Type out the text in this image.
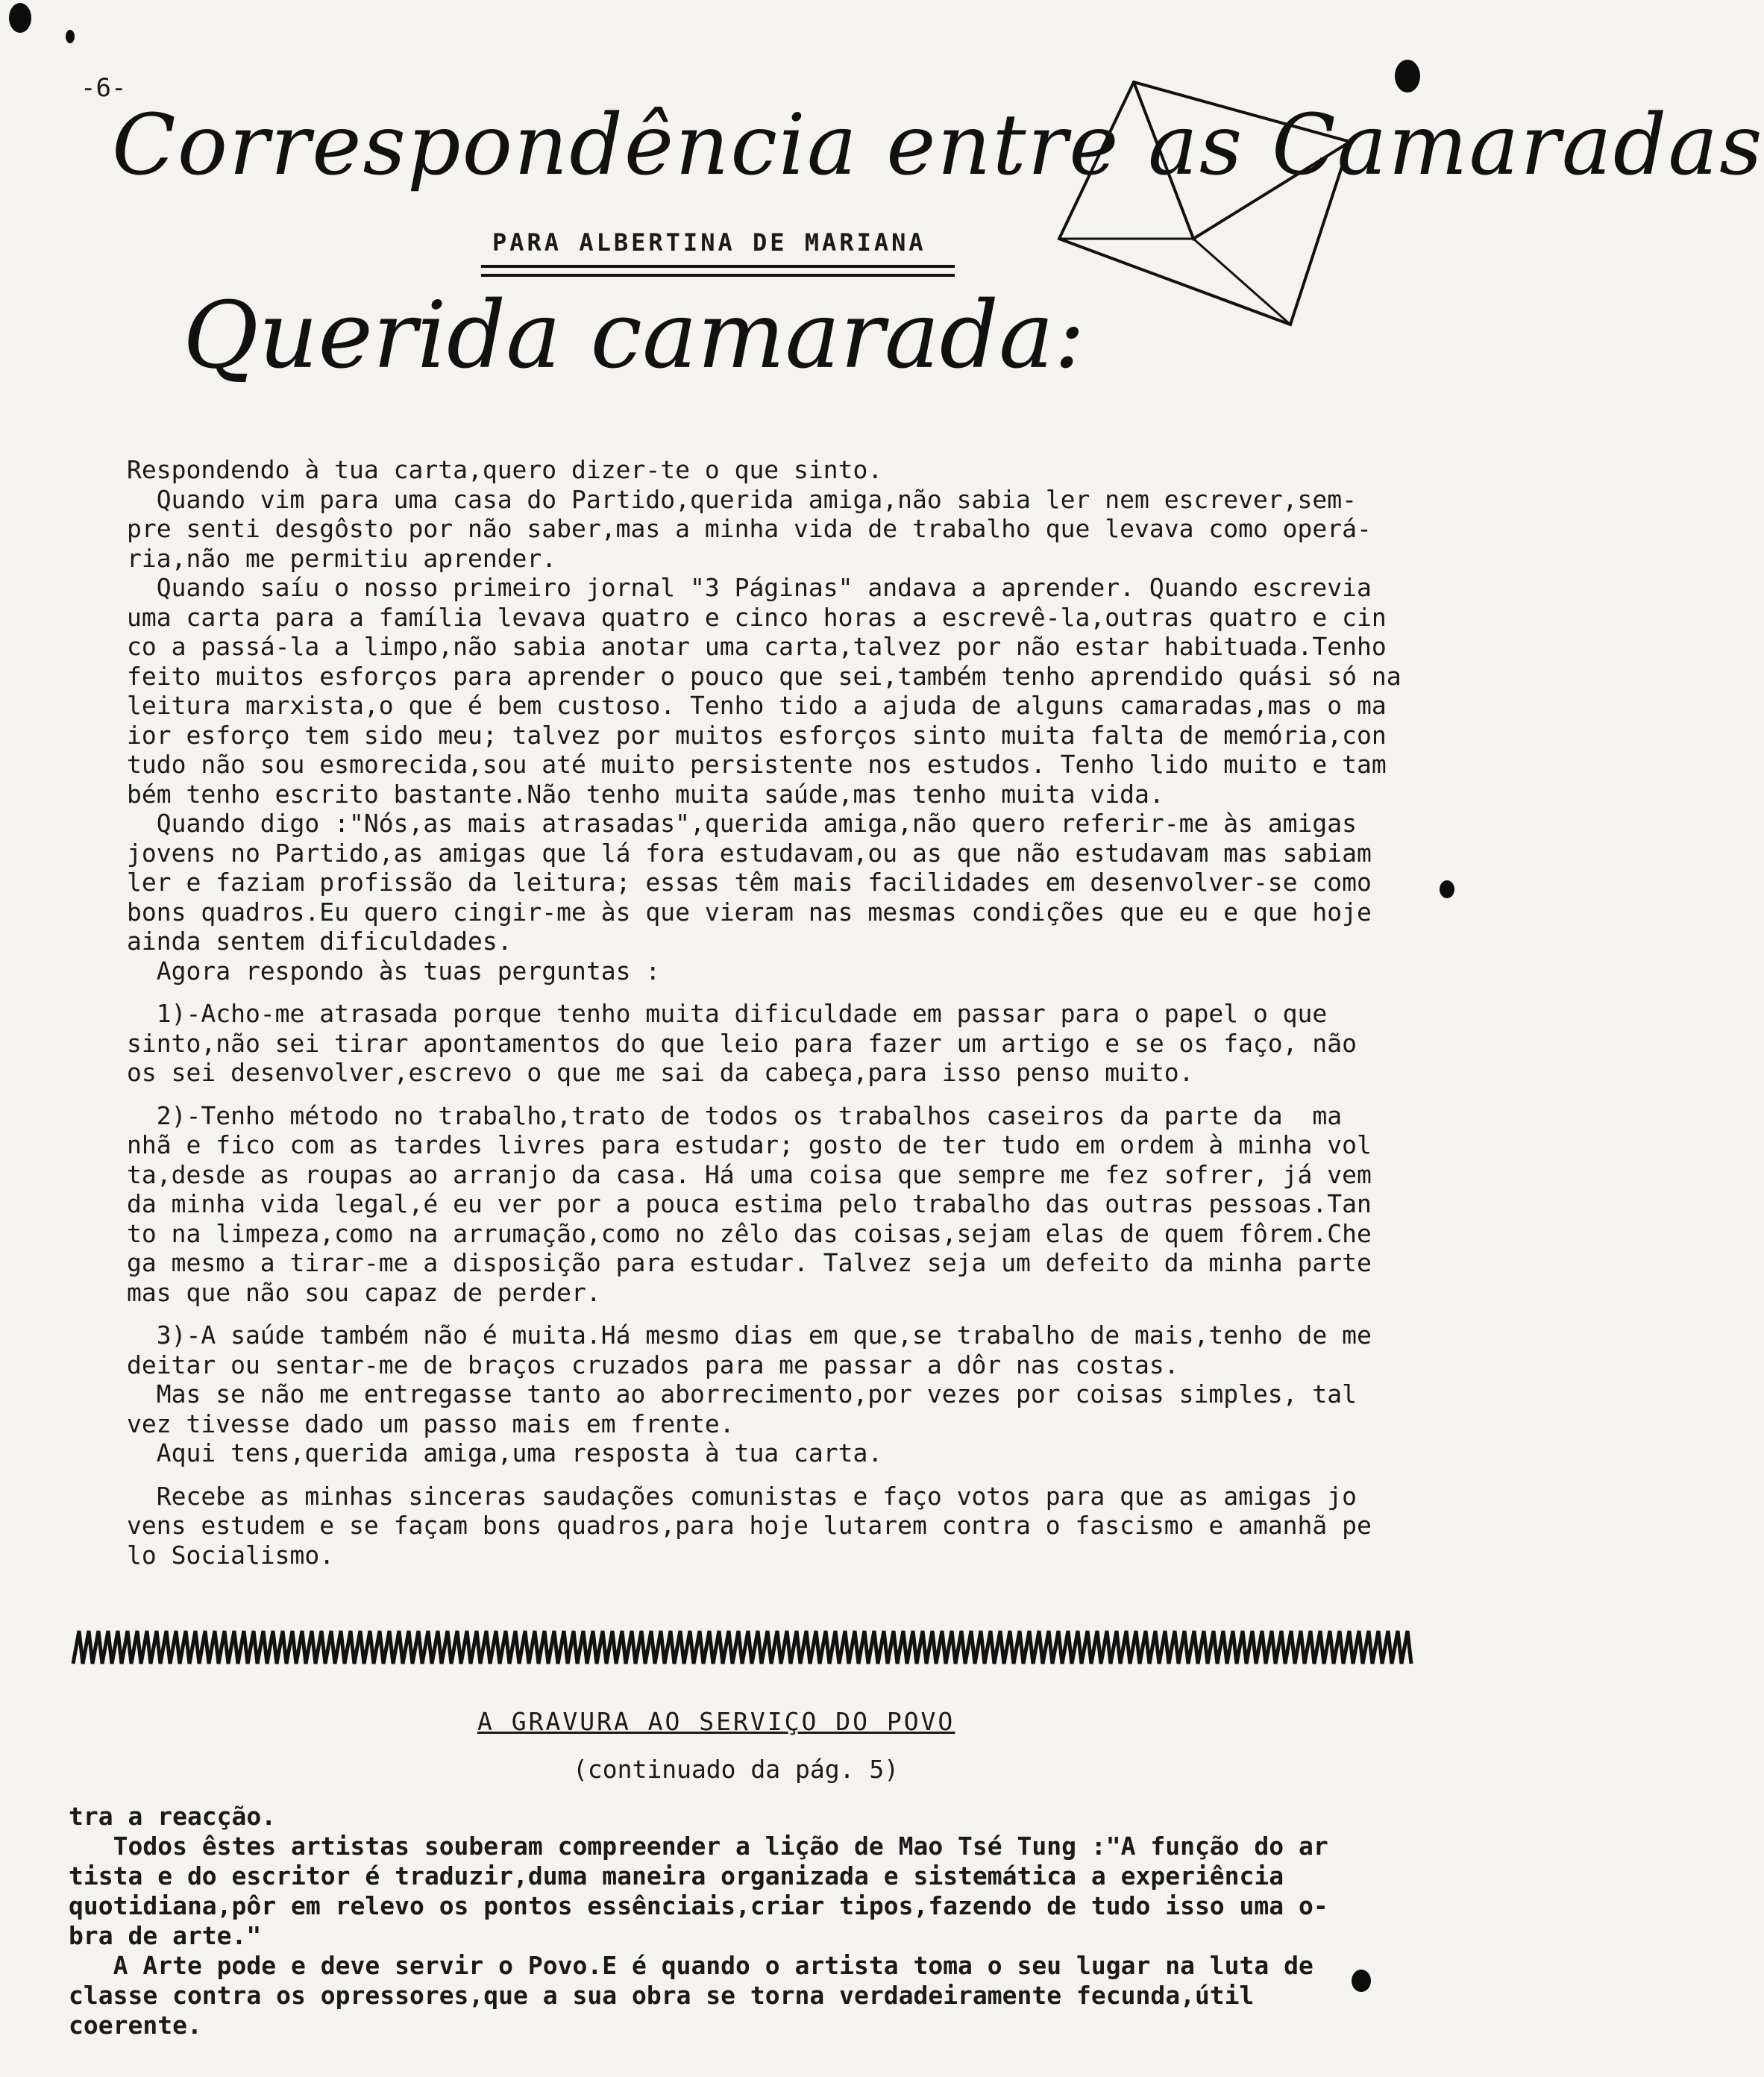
-6-
Correspondência entre as Camaradas
PARA ALBERTINA DE MARIANA
Querida camarada:

Respondendo à tua carta,quero dizer-te o que sinto.

Quando vim para uma casa do Partido,querida amiga,não sabia ler nem escrever,sem-
pre senti desgôsto por não saber,mas a minha vida de trabalho que levava como operá-
ria,não me permitiu aprender.

Quando saíu o nosso primeiro jornal "3 Páginas" andava a aprender. Quando escrevia
uma carta para a família levava quatro e cinco horas a escrevê-la,outras quatro e cin
co a passá-la a limpo,não sabia anotar uma carta,talvez por não estar habituada.Tenho
feito muitos esforços para aprender o pouco que sei,também tenho aprendido quási só na
leitura marxista,o que é bem custoso. Tenho tido a ajuda de alguns camaradas,mas o ma
ior esforço tem sido meu; talvez por muitos esforços sinto muita falta de memória,con
tudo não sou esmorecida,sou até muito persistente nos estudos. Tenho lido muito e tam
bém tenho escrito bastante.Não tenho muita saúde,mas tenho muita vida.

Quando digo :"Nós,as mais atrasadas",querida amiga,não quero referir-me às amigas
jovens no Partido,as amigas que lá fora estudavam,ou as que não estudavam mas sabiam
ler e faziam profissão da leitura; essas têm mais facilidades em desenvolver-se como
bons quadros.Eu quero cingir-me às que vieram nas mesmas condições que eu e que hoje
ainda sentem dificuldades.

Agora respondo às tuas perguntas :

1)-Acho-me atrasada porque tenho muita dificuldade em passar para o papel o que
sinto,não sei tirar apontamentos do que leio para fazer um artigo e se os faço, não
os sei desenvolver,escrevo o que me sai da cabeça,para isso penso muito.

2)-Tenho método no trabalho,trato de todos os trabalhos caseiros da parte da  ma
nhã e fico com as tardes livres para estudar; gosto de ter tudo em ordem à minha vol
ta,desde as roupas ao arranjo da casa. Há uma coisa que sempre me fez sofrer, já vem
da minha vida legal,é eu ver por a pouca estima pelo trabalho das outras pessoas.Tan
to na limpeza,como na arrumação,como no zêlo das coisas,sejam elas de quem fôrem.Che
ga mesmo a tirar-me a disposição para estudar. Talvez seja um defeito da minha parte
mas que não sou capaz de perder.

3)-A saúde também não é muita.Há mesmo dias em que,se trabalho de mais,tenho de me
deitar ou sentar-me de braços cruzados para me passar a dôr nas costas.

Mas se não me entregasse tanto ao aborrecimento,por vezes por coisas simples, tal
vez tivesse dado um passo mais em frente.

Aqui tens,querida amiga,uma resposta à tua carta.

Recebe as minhas sinceras saudações comunistas e faço votos para que as amigas jo
vens estudem e se façam bons quadros,para hoje lutarem contra o fascismo e amanhã pe
lo Socialismo.

A GRAVURA AO SERVIÇO DO POVO
(continuado da pág. 5)

tra a reacção.

Todos êstes artistas souberam compreender a lição de Mao Tsé Tung :"A função do ar
tista e do escritor é traduzir,duma maneira organizada e sistemática a experiência
quotidiana,pôr em relevo os pontos essênciais,criar tipos,fazendo de tudo isso uma o-
bra de arte."

A Arte pode e deve servir o Povo.E é quando o artista toma o seu lugar na luta de
classe contra os opressores,que a sua obra se torna verdadeiramente fecunda,útil
coerente.
